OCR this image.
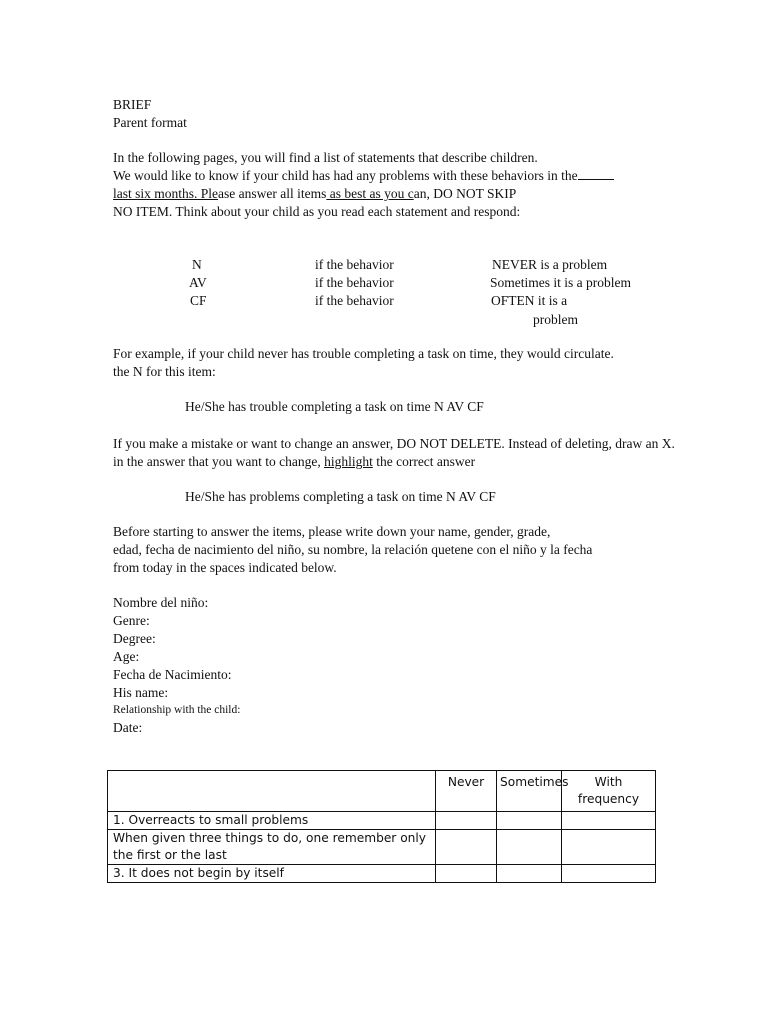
BRIEF
Parent format
In the following pages, you will find a list of statements that describe children.
We would like to know if your child has had any problems with these behaviors in the
last six months. Please answer all items as best as you can, DO NOT SKIP
NO ITEM. Think about your child as you read each statement and respond:
N	if the behavior	NEVER is a problem
AV	if the behavior	Sometimes it is a problem
CF	if the behavior	OFTEN it is a
problem
For example, if your child never has trouble completing a task on time, they would circulate.
the N for this item:
He/She has trouble completing a task on time N AV CF
If you make a mistake or want to change an answer, DO NOT DELETE. Instead of deleting, draw an X.
in the answer that you want to change, highlight the correct answer
He/She has problems completing a task on time N AV CF
Before starting to answer the items, please write down your name, gender, grade,
edad, fecha de nacimiento del niño, su nombre, la relación quetene con el niño y la fecha
from today in the spaces indicated below.
Nombre del niño:
Genre:
Degree:
Age:
Fecha de Nacimiento:
His name:
Relationship with the child:
Date:
	Never	Sometimes	With frequency
1. Overreacts to small problems			
When given three things to do, one remember only the first or the last			
3. It does not begin by itself			
